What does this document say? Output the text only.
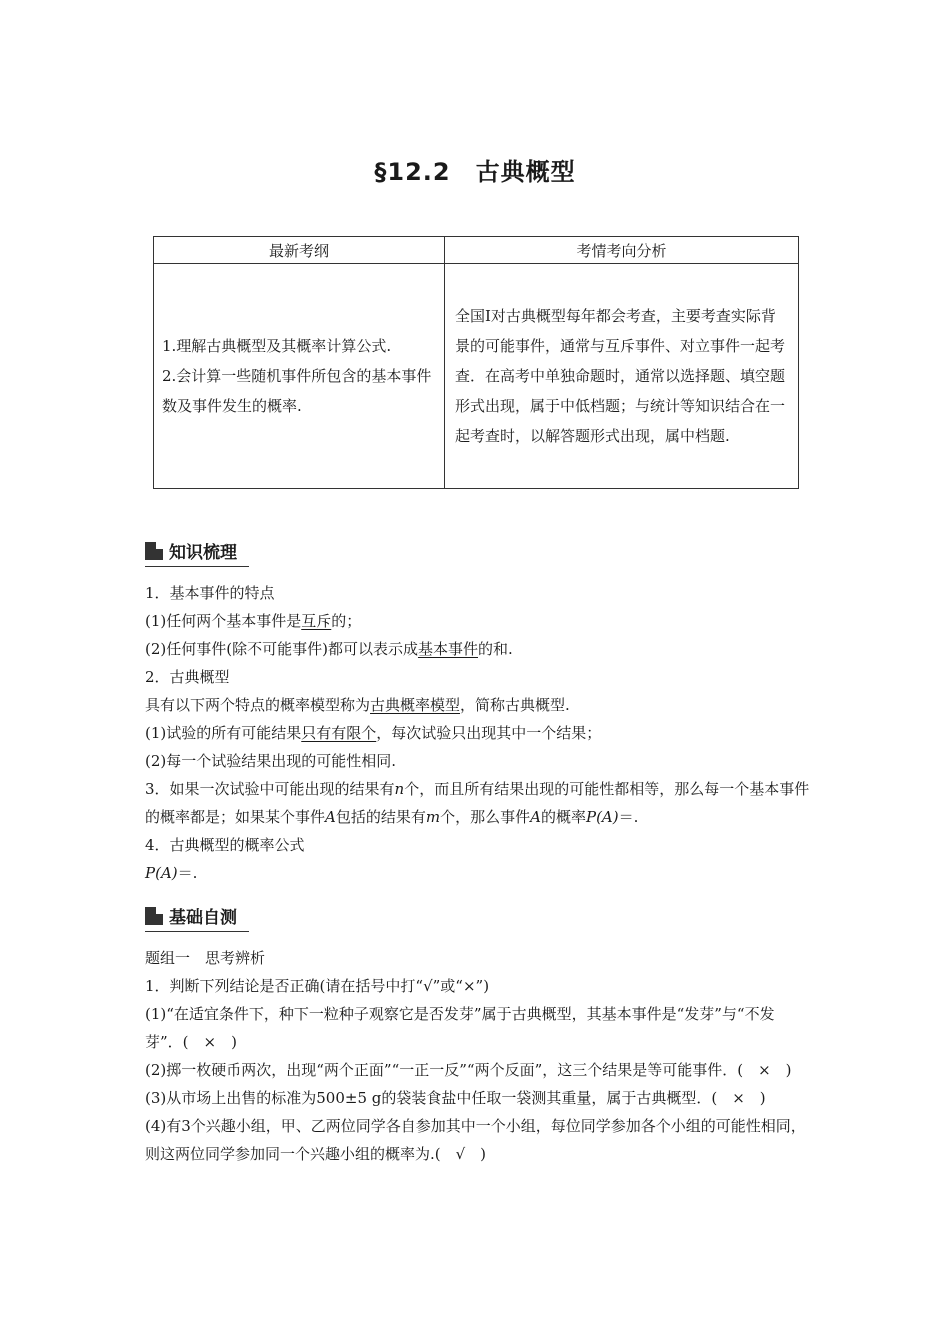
§12.2　古典概型
最新考纲	考情考向分析

1.理解古典概型及其概率计算公式.

2.会计算一些随机事件所包含的基本事件数及事件发生的概率.	全国Ⅰ对古典概型每年都会考查，主要考查实际背景的可能事件，通常与互斥事件、对立事件一起考查．在高考中单独命题时，通常以选择题、填空题形式出现，属于中低档题；与统计等知识结合在一起考查时，以解答题形式出现，属中档题.
知识梳理

1．基本事件的特点

(1)任何两个基本事件是互斥的；

(2)任何事件(除不可能事件)都可以表示成基本事件的和.

2．古典概型

具有以下两个特点的概率模型称为古典概率模型，简称古典概型.

(1)试验的所有可能结果只有有限个，每次试验只出现其中一个结果；

(2)每一个试验结果出现的可能性相同.

3．如果一次试验中可能出现的结果有n个，而且所有结果出现的可能性都相等，那么每一个基本事件的概率都是；如果某个事件A包括的结果有m个，那么事件A的概率P(A)＝.

4．古典概型的概率公式

P(A)＝.

基础自测

题组一　思考辨析

1．判断下列结论是否正确(请在括号中打“√”或“×”)

(1)“在适宜条件下，种下一粒种子观察它是否发芽”属于古典概型，其基本事件是“发芽”与“不发芽”．(　×　)

(2)掷一枚硬币两次，出现“两个正面”“一正一反”“两个反面”，这三个结果是等可能事件．(　×　)

(3)从市场上出售的标准为500±5 g的袋装食盐中任取一袋测其重量，属于古典概型．(　×　)

(4)有3个兴趣小组，甲、乙两位同学各自参加其中一个小组，每位同学参加各个小组的可能性相同，则这两位同学参加同一个兴趣小组的概率为.(　√　)
